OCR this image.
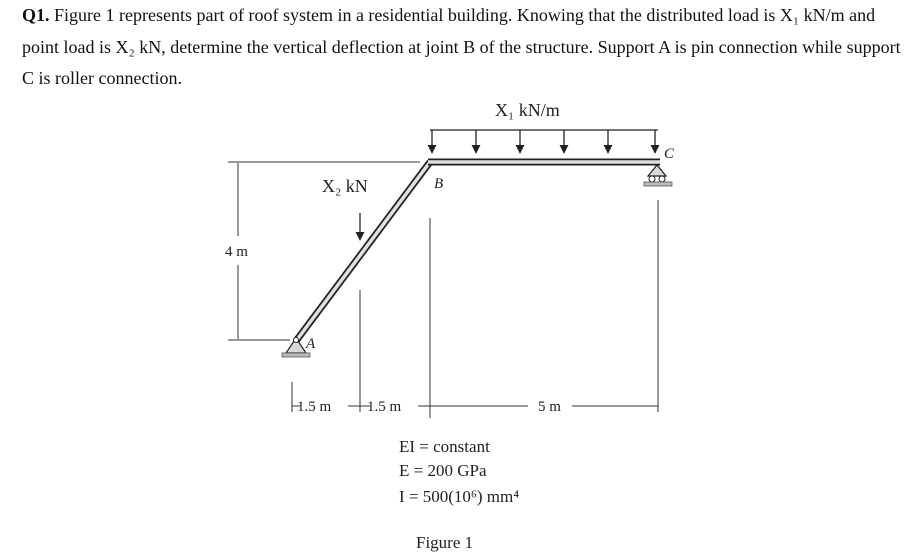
Q1. Figure 1 represents part of roof system in a residential building. Knowing that the distributed load is X₁ kN/m and point load is X₂ kN, determine the vertical deflection at joint B of the structure. Support A is pin connection while support C is roller connection.
X₁ kN/m
X₂ kN
A
C
B
4 m
1.5 m 1.5 m	5 m
EI = constant
E = 200 GPa
I = 500(10⁶) mm⁴
Figure 1
